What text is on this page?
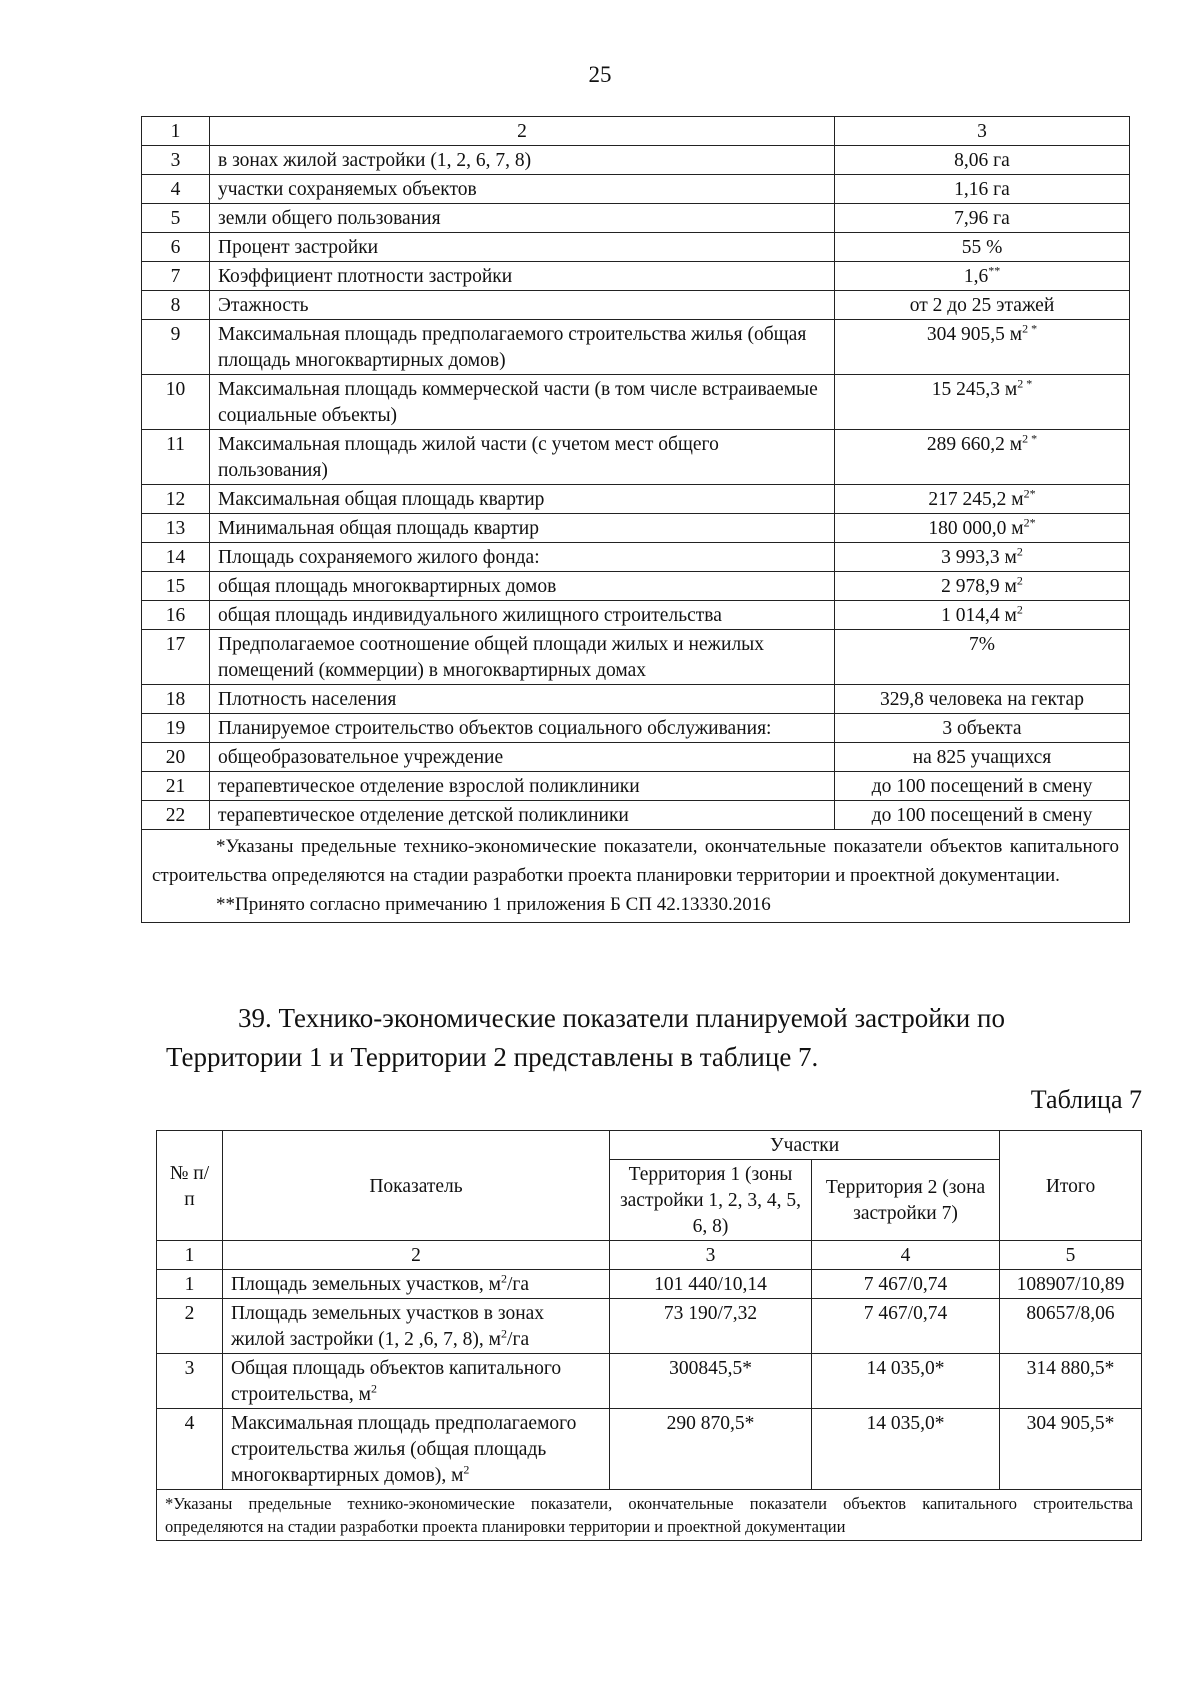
25
1	2	3
3	в зонах жилой застройки (1, 2, 6, 7, 8)	8,06 га
4	участки сохраняемых объектов	1,16 га
5	земли общего пользования	7,96 га
6	Процент застройки	55 %
7	Коэффициент плотности застройки	1,6**
8	Этажность	от 2 до 25 этажей
9	Максимальная площадь предполагаемого строительства жилья (общая площадь многоквартирных домов)	304 905,5 $м^{2 *}$
10	Максимальная площадь коммерческой части (в том числе встраиваемые социальные объекты)	15 245,3 $м^{2 *}$
11	Максимальная площадь жилой части (с учетом мест общего пользования)	289 660,2 $м^{2 *}$
12	Максимальная общая площадь квартир	217 245,2 $м^{2*}$
13	Минимальная общая площадь квартир	180 000,0 $м^{2*}$
14	Площадь сохраняемого жилого фонда:	3 993,3 $м^2$
15	общая площадь многоквартирных домов	2 978,9 $м^2$
16	общая площадь индивидуального жилищного строительства	1 014,4 $м^2$
17	Предполагаемое соотношение общей площади жилых и нежилых помещений (коммерции) в многоквартирных домах	7%
18	Плотность населения	329,8 человека на гектар
19	Планируемое строительство объектов социального обслуживания:	3 объекта
20	общеобразовательное учреждение	на 825 учащихся
21	терапевтическое отделение взрослой поликлиники	до 100 посещений в смену
22	терапевтическое отделение детской поликлиники	до 100 посещений в смену

*Указаны предельные технико-экономические показатели, окончательные показатели объектов капитального строительства определяются на стадии разработки проекта планировки территории и проектной документации.

**Принято согласно примечанию 1 приложения Б СП 42.13330.2016		

39. Технико-экономические показатели планируемой застройки по

Территории 1 и Территории 2 представлены в таблице 7.

Таблица 7

№ п/п	Показатель	Участки		Итого
		Территория 1 (зоны застройки 1, 2, 3, 4, 5, 6, 8)	Территория 2 (зона застройки 7)	
1	2	3	4	5
1	Площадь земельных участков, $м^2/га$	101 440/10,14	7 467/0,74	108907/10,89
2	Площадь земельных участков в зонах жилой застройки (1, 2 ,6, 7, 8), $м^2/га$	73 190/7,32	7 467/0,74	80657/8,06
3	Общая площадь объектов капитального строительства, $м^2$	300845,5*	14 035,0*	314 880,5*
4	Максимальная площадь предполагаемого строительства жилья (общая площадь многоквартирных домов), $м^2$	290 870,5*	14 035,0*	304 905,5*
*Указаны предельные технико-экономические показатели, окончательные показатели объектов капитального строительства определяются на стадии разработки проекта планировки территории и проектной документации				
